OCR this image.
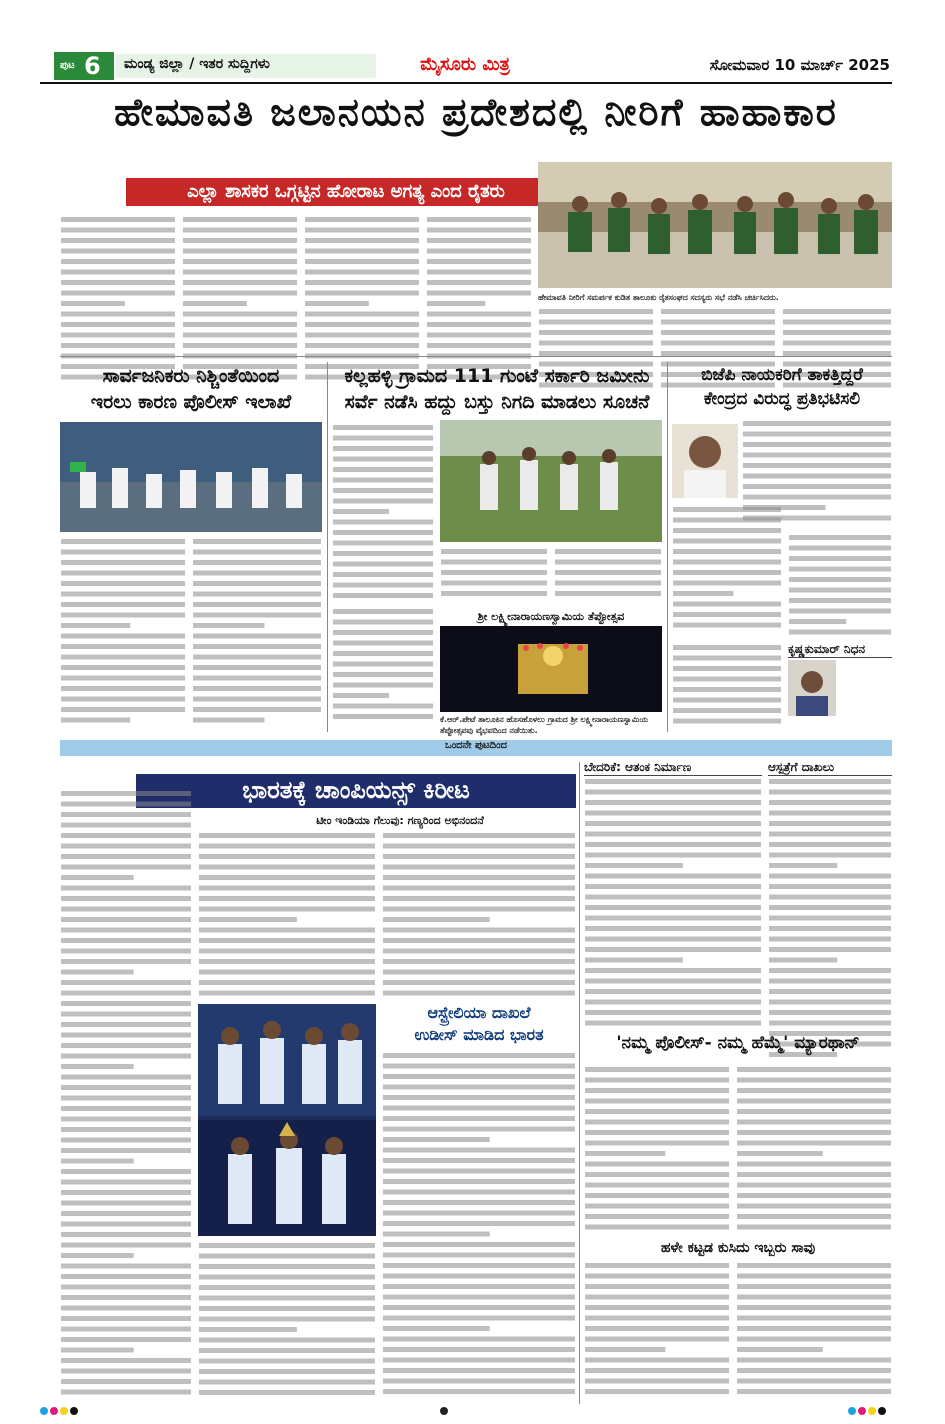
ಪುಟ 6	ಮಂಡ್ಯ ಜಿಲ್ಲಾ / ಇತರ ಸುದ್ದಿಗಳು	ಮೈಸೂರು ಮಿತ್ರ	ಸೋಮವಾರ 10 ಮಾರ್ಚ್ 2025
ಹೇಮಾವತಿ ಜಲಾನಯನ ಪ್ರದೇಶದಲ್ಲಿ ನೀರಿಗೆ ಹಾಹಾಕಾರ
ಎಲ್ಲಾ ಶಾಸಕರ ಒಗ್ಗಟ್ಟಿನ ಹೋರಾಟ ಅಗತ್ಯ ಎಂದ ರೈತರು
ಹೇಮಾವತಿ ನೀರಿಗೆ ಸಮರ್ಪಕ ಕುಡಿತ ತಾಲೂಕು ರೈತಸಂಘದ ಸದಸ್ಯರು ಸಭೆ ನಡೆಸಿ ಚರ್ಚಿಸಿದರು.
ಸಾರ್ವಜನಿಕರು ನಿಶ್ಚಿಂತೆಯಿಂದ
ಇರಲು ಕಾರಣ ಪೊಲೀಸ್ ಇಲಾಖೆ
ಕಲ್ಲಹಳ್ಳಿ ಗ್ರಾಮದ 111 ಗುಂಟೆ ಸರ್ಕಾರಿ ಜಮೀನು
ಸರ್ವೆ ನಡೆಸಿ ಹದ್ದು ಬಸ್ತು ನಿಗದಿ ಮಾಡಲು ಸೂಚನೆ
ಶ್ರೀ ಲಕ್ಷ್ಮೀನಾರಾಯಣಸ್ವಾಮಿಯ ತೆಪ್ಪೋತ್ಸವ
ಕೆ.ಆರ್.ಪೇಟೆ ತಾಲೂಕಿನ ಹೊಸಹೊಳಲು ಗ್ರಾಮದ ಶ್ರೀ ಲಕ್ಷ್ಮೀನಾರಾಯಣಸ್ವಾಮಿಯ ತೆಪ್ಪೋತ್ಸವವು ವೈಭವದಿಂದ ನಡೆಯಿತು.
ಬಿಜೆಪಿ ನಾಯಕರಿಗೆ ತಾಕತ್ತಿದ್ದರೆ
ಕೇಂದ್ರದ ವಿರುದ್ಧ ಪ್ರತಿಭಟಿಸಲಿ
ಕೃಷ್ಣಕುಮಾರ್ ನಿಧನ
ಒಂದನೇ ಪುಟದಿಂದ
ಭಾರತಕ್ಕೆ ಚಾಂಪಿಯನ್ಸ್ ಕಿರೀಟ
ಟೀಂ ಇಂಡಿಯಾ ಗೆಲುವು: ಗಣ್ಯರಿಂದ ಅಭಿನಂದನೆ
ಆಸ್ಟ್ರೇಲಿಯಾ ದಾಖಲೆ
ಉಡೀಸ್ ಮಾಡಿದ ಭಾರತ
ಬೇದರಿಕೆ: ಆತಂಕ ನಿರ್ಮಾಣ	ಆಸ್ಪತ್ರೆಗೆ ದಾಖಲು
'ನಮ್ಮ ಪೊಲೀಸ್- ನಮ್ಮ ಹೆಮ್ಮೆ' ಮ್ಯಾರಥಾನ್
ಹಳೇ ಕಟ್ಟಡ ಕುಸಿದು ಇಬ್ಬರು ಸಾವು
